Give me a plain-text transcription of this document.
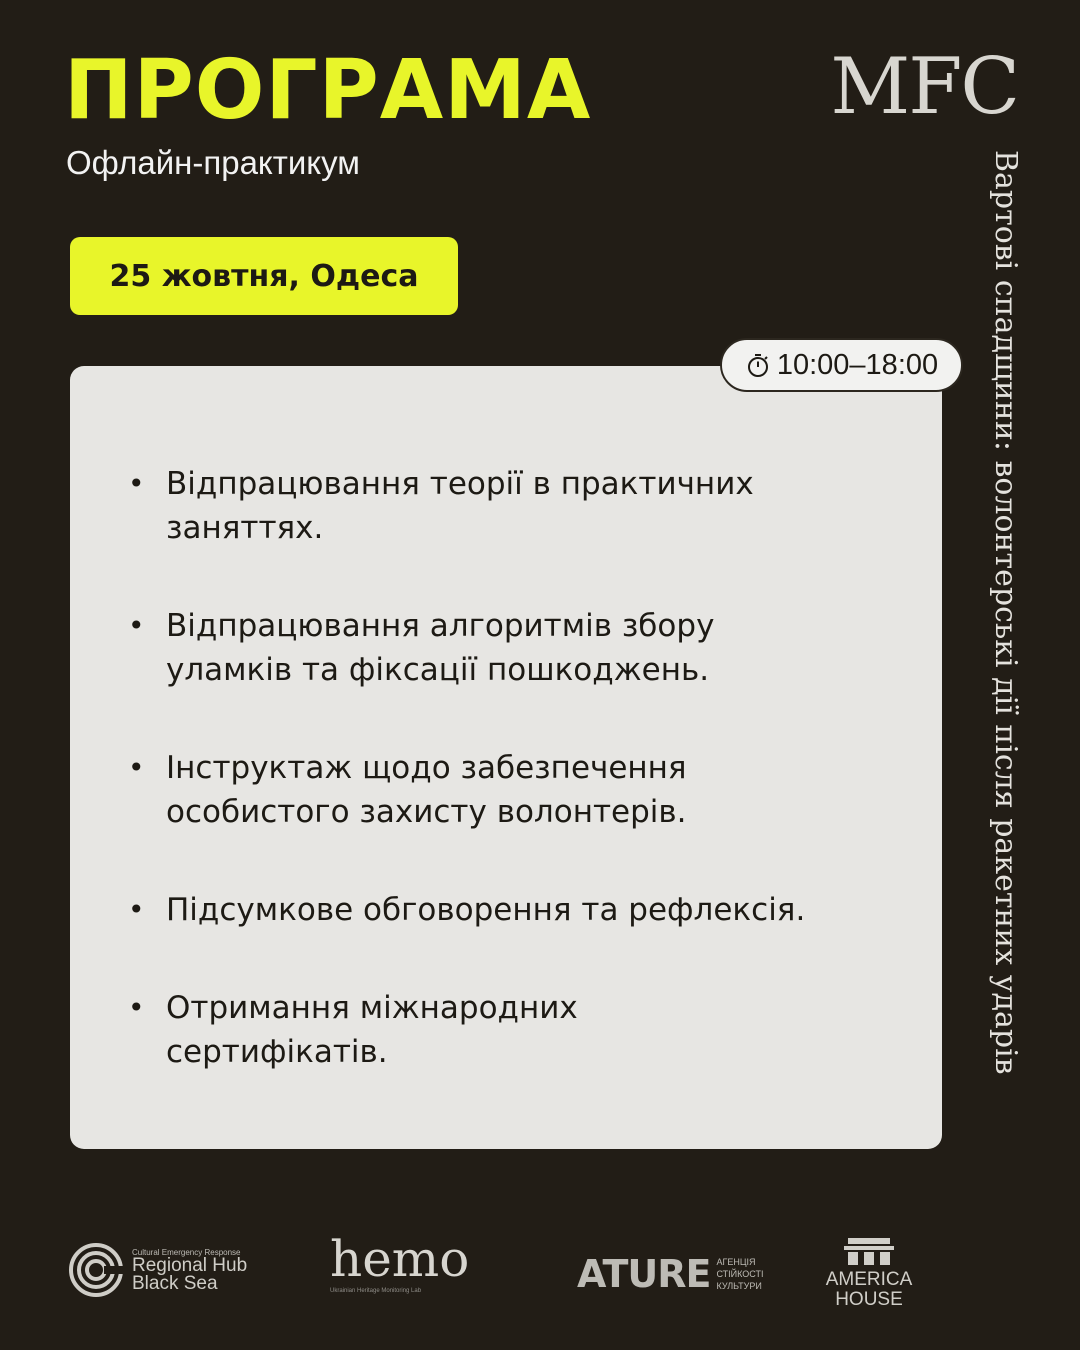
ПРОГРАМА
Офлайн-практикум
MFC
25 жовтня, Одеса
10:00–18:00
• Відпрацювання теорії в практичних
заняттях.
• Відпрацювання алгоритмів збору
уламків та фіксації пошкоджень.
• Інструктаж щодо забезпечення
особистого захисту волонтерів.
• Підсумкове обговорення та рефлексія.
• Отримання міжнародних
сертифікатів.	Вартові спадщини: волонтерські дії після ракетних ударів
Cultural Emergency Response
Regional Hub
Black Sea	hemo
Ukrainian Heritage Monitoring Lab	ATURE АГЕНЦІЯ
СТІЙКОСТІ
КУЛЬТУРИ	AMERICA
HOUSE
